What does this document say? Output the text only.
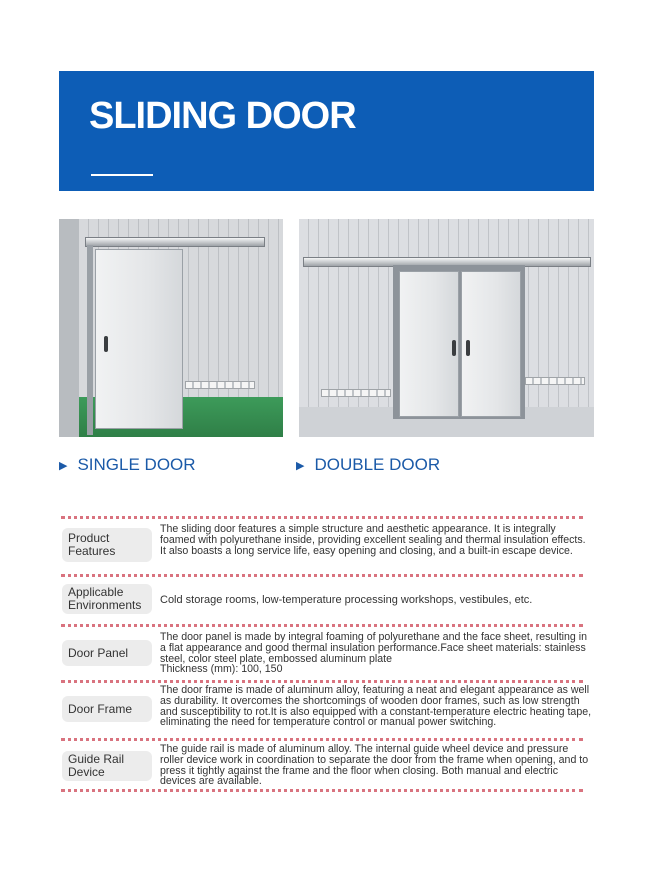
SLIDING DOOR
▶ SINGLE DOOR	▶ DOUBLE DOOR
Product Features
The sliding door features a simple structure and aesthetic appearance. It is integrally foamed with polyurethane inside, providing excellent sealing and thermal insulation effects. It also boasts a long service life, easy opening and closing, and a built-in escape device.
Applicable Environments	Cold storage rooms, low-temperature processing workshops, vestibules, etc.
Door Panel
The door panel is made by integral foaming of polyurethane and the face sheet, resulting in a flat appearance and good thermal insulation performance.Face sheet materials: stainless steel, color steel plate, embossed aluminum plate
Thickness (mm): 100, 150
Door Frame
The door frame is made of aluminum alloy, featuring a neat and elegant appearance as well as durability. It overcomes the shortcomings of wooden door frames, such as low strength and susceptibility to rot.It is also equipped with a constant-temperature electric heating tape, eliminating the need for temperature control or manual power switching.
Guide Rail Device
The guide rail is made of aluminum alloy. The internal guide wheel device and pressure roller device work in coordination to separate the door from the frame when opening, and to press it tightly against the frame and the floor when closing. Both manual and electric devices are available.
